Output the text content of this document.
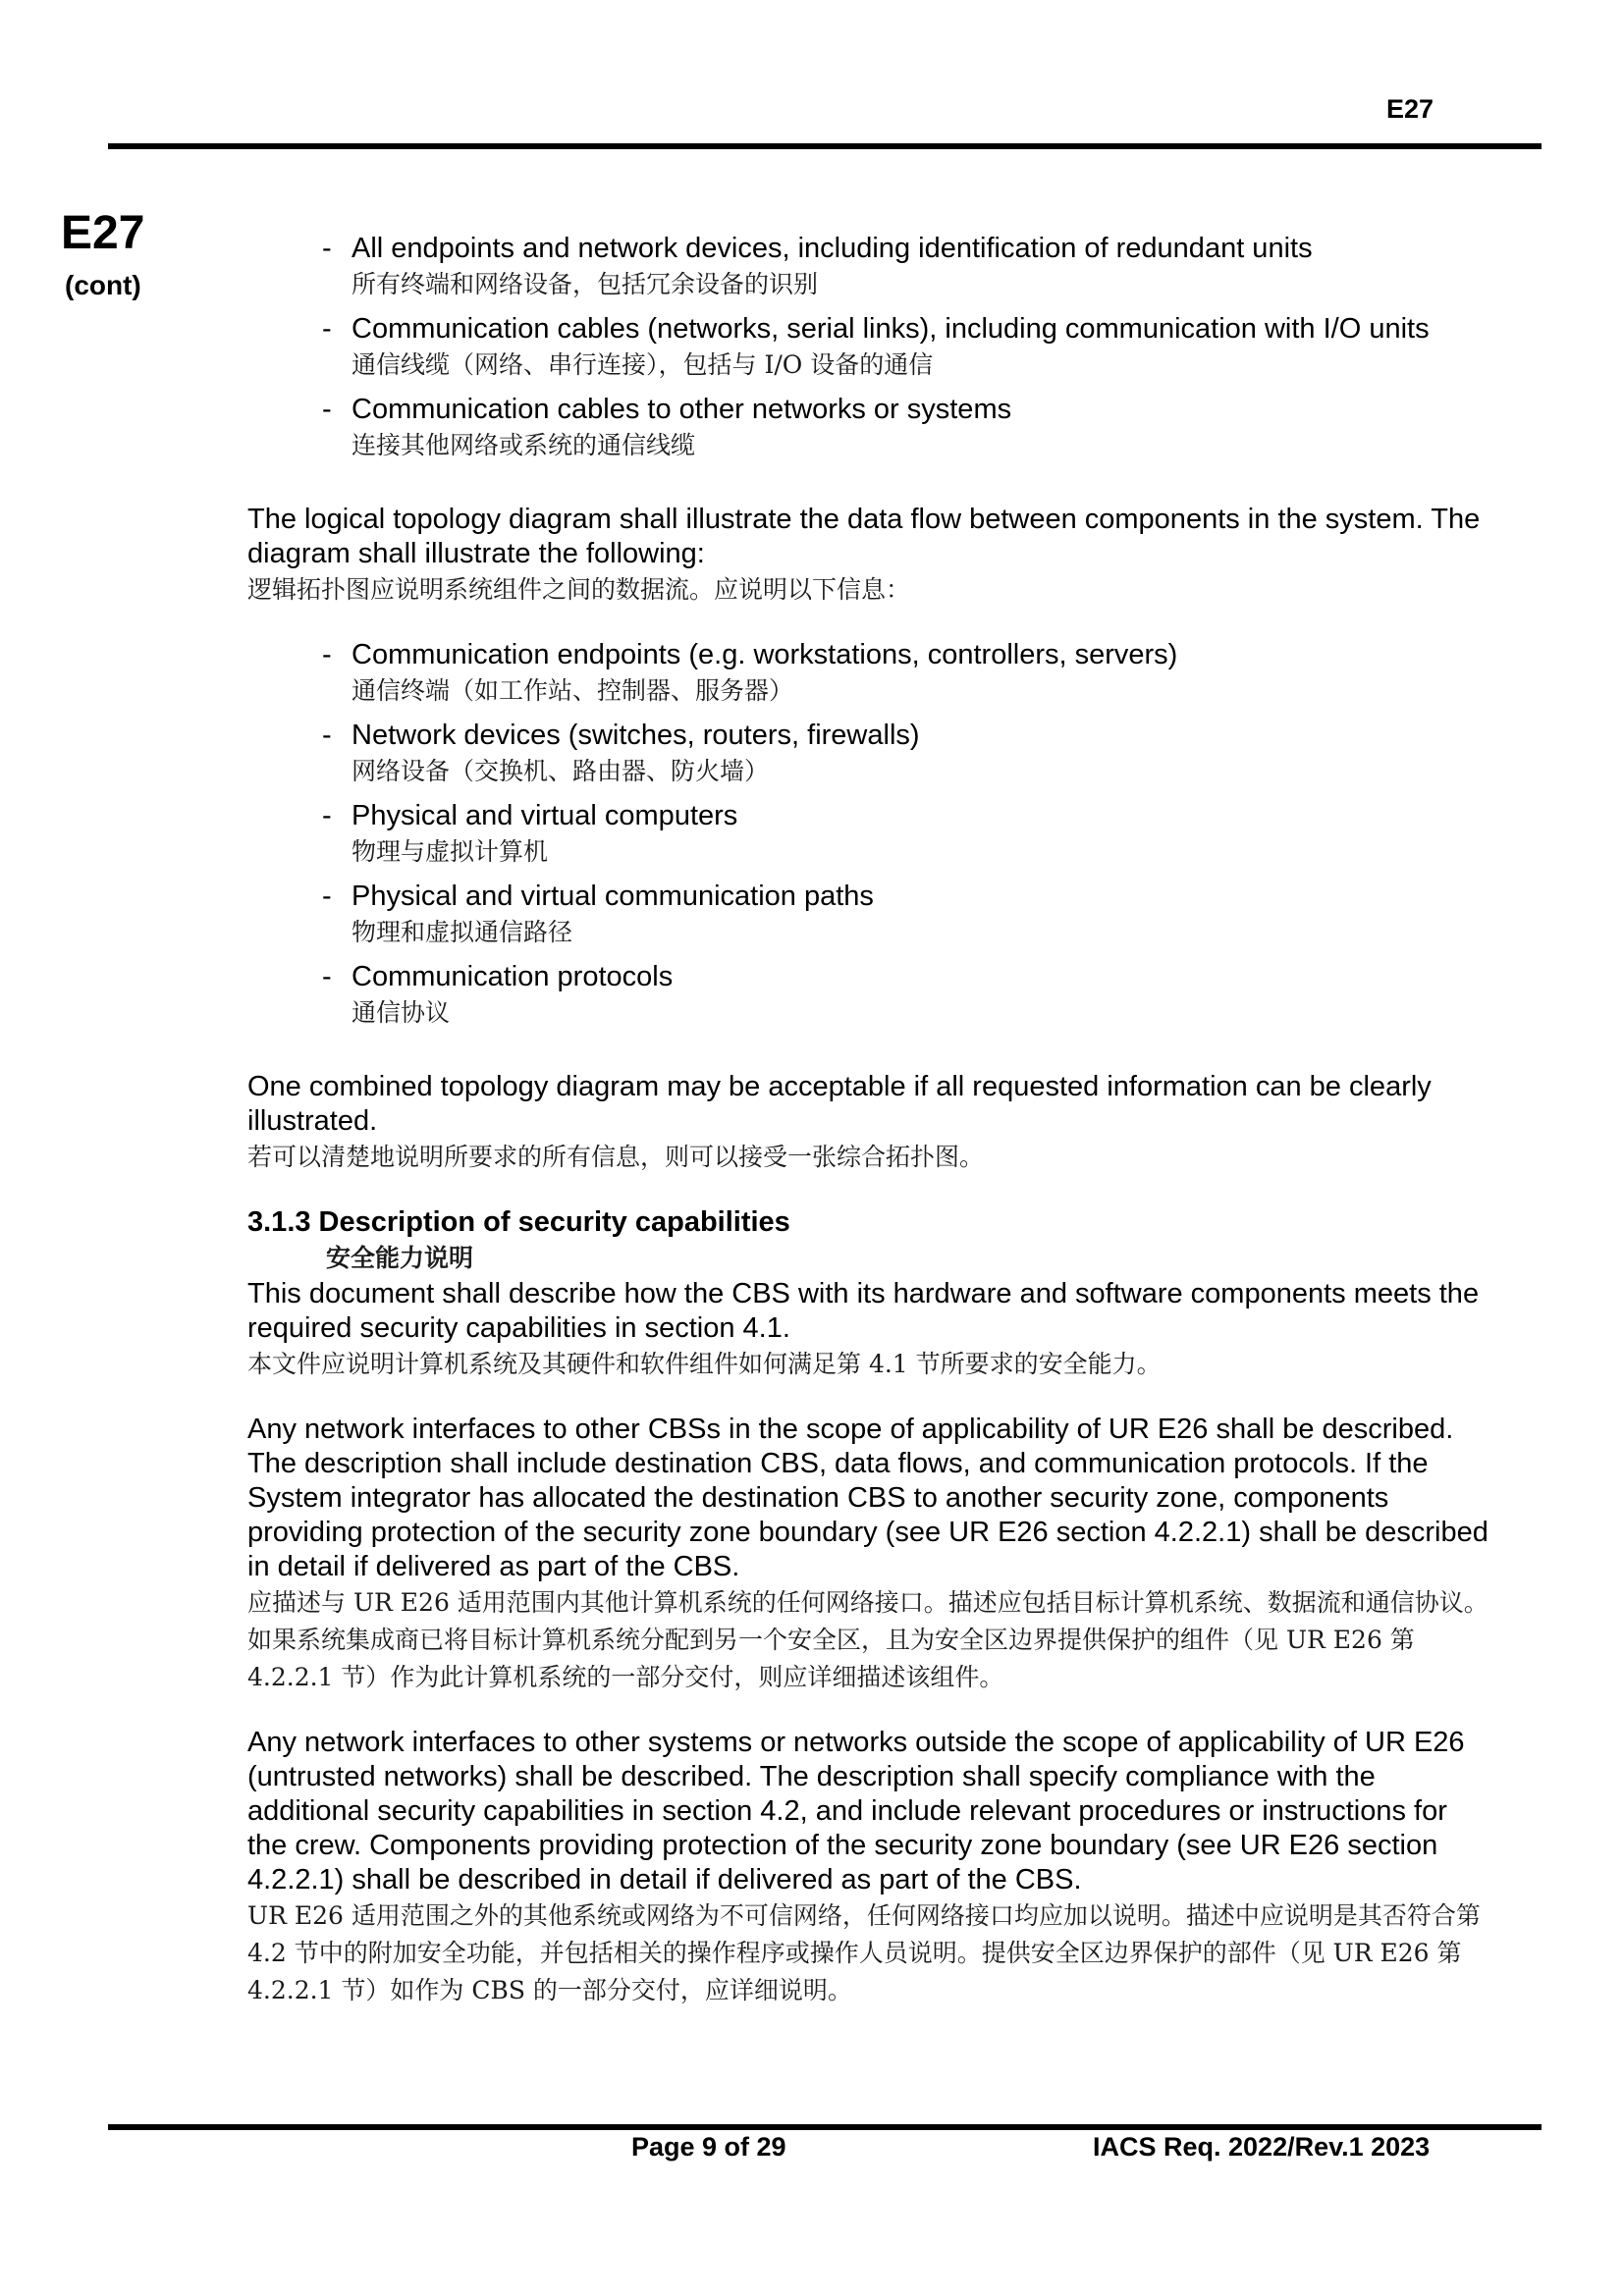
E27
E27
(cont)
- All endpoints and network devices, including identification of redundant units
所有终端和网络设备，包括冗余设备的识别
- Communication cables (networks, serial links), including communication with I/O units
通信线缆（网络、串行连接），包括与 I/O 设备的通信
- Communication cables to other networks or systems
连接其他网络或系统的通信线缆

The logical topology diagram shall illustrate the data flow between components in the system. The diagram shall illustrate the following:

逻辑拓扑图应说明系统组件之间的数据流。应说明以下信息：

- Communication endpoints (e.g. workstations, controllers, servers)
通信终端（如工作站、控制器、服务器）
- Network devices (switches, routers, firewalls)
网络设备（交换机、路由器、防火墙）
- Physical and virtual computers
物理与虚拟计算机
- Physical and virtual communication paths
物理和虚拟通信路径
- Communication protocols
通信协议

One combined topology diagram may be acceptable if all requested information can be clearly illustrated.

若可以清楚地说明所要求的所有信息，则可以接受一张综合拓扑图。

3.1.3 Description of security capabilities
安全能力说明

This document shall describe how the CBS with its hardware and software components meets the required security capabilities in section 4.1.

本文件应说明计算机系统及其硬件和软件组件如何满足第 4.1 节所要求的安全能力。

Any network interfaces to other CBSs in the scope of applicability of UR E26 shall be described. The description shall include destination CBS, data flows, and communication protocols. If the System integrator has allocated the destination CBS to another security zone, components providing protection of the security zone boundary (see UR E26 section 4.2.2.1) shall be described in detail if delivered as part of the CBS.

应描述与 UR E26 适用范围内其他计算机系统的任何网络接口。描述应包括目标计算机系统、数据流和通信协议。如果系统集成商已将目标计算机系统分配到另一个安全区，且为安全区边界提供保护的组件（见 UR E26 第 4.2.2.1 节）作为此计算机系统的一部分交付，则应详细描述该组件。

Any network interfaces to other systems or networks outside the scope of applicability of UR E26 (untrusted networks) shall be described. The description shall specify compliance with the additional security capabilities in section 4.2, and include relevant procedures or instructions for the crew. Components providing protection of the security zone boundary (see UR E26 section 4.2.2.1) shall be described in detail if delivered as part of the CBS.

UR E26 适用范围之外的其他系统或网络为不可信网络，任何网络接口均应加以说明。描述中应说明是其否符合第 4.2 节中的附加安全功能，并包括相关的操作程序或操作人员说明。提供安全区边界保护的部件（见 UR E26 第 4.2.2.1 节）如作为 CBS 的一部分交付，应详细说明。

Page 9 of 29	IACS Req. 2022/Rev.1 2023
